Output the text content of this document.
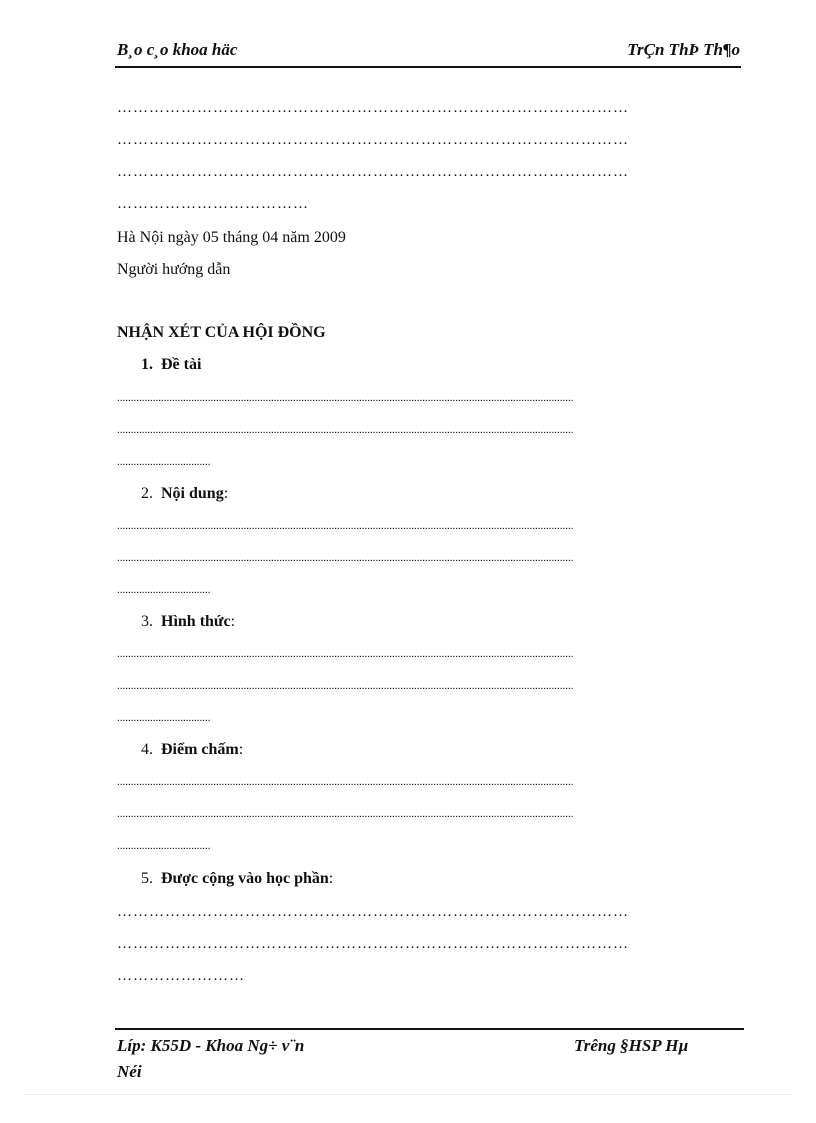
B¸o c¸o khoa häc	TrÇn ThÞ Th¶o
……………………………………………………………………………………
……………………………………………………………………………………
……………………………………………………………………………………
………………………………
Hà Nội ngày 05 tháng 04 năm 2009
Người hướng dẫn
NHẬN XÉT CỦA HỘI ĐỒNG
1. Đề tài
......................................................................................................................................................................
......................................................................................................................................................................
..................................
2. Nội dung:
......................................................................................................................................................................
......................................................................................................................................................................
..................................
3. Hình thức:
......................................................................................................................................................................
......................................................................................................................................................................
..................................
4. Điểm chấm:
......................................................................................................................................................................
......................................................................................................................................................................
..................................
5. Được cộng vào học phần:
……………………………………………………………………………………
……………………………………………………………………………………
……………………
Líp: K55D - Khoa Ng÷ v¨n
Néi
Trêng §HSP Hµ
